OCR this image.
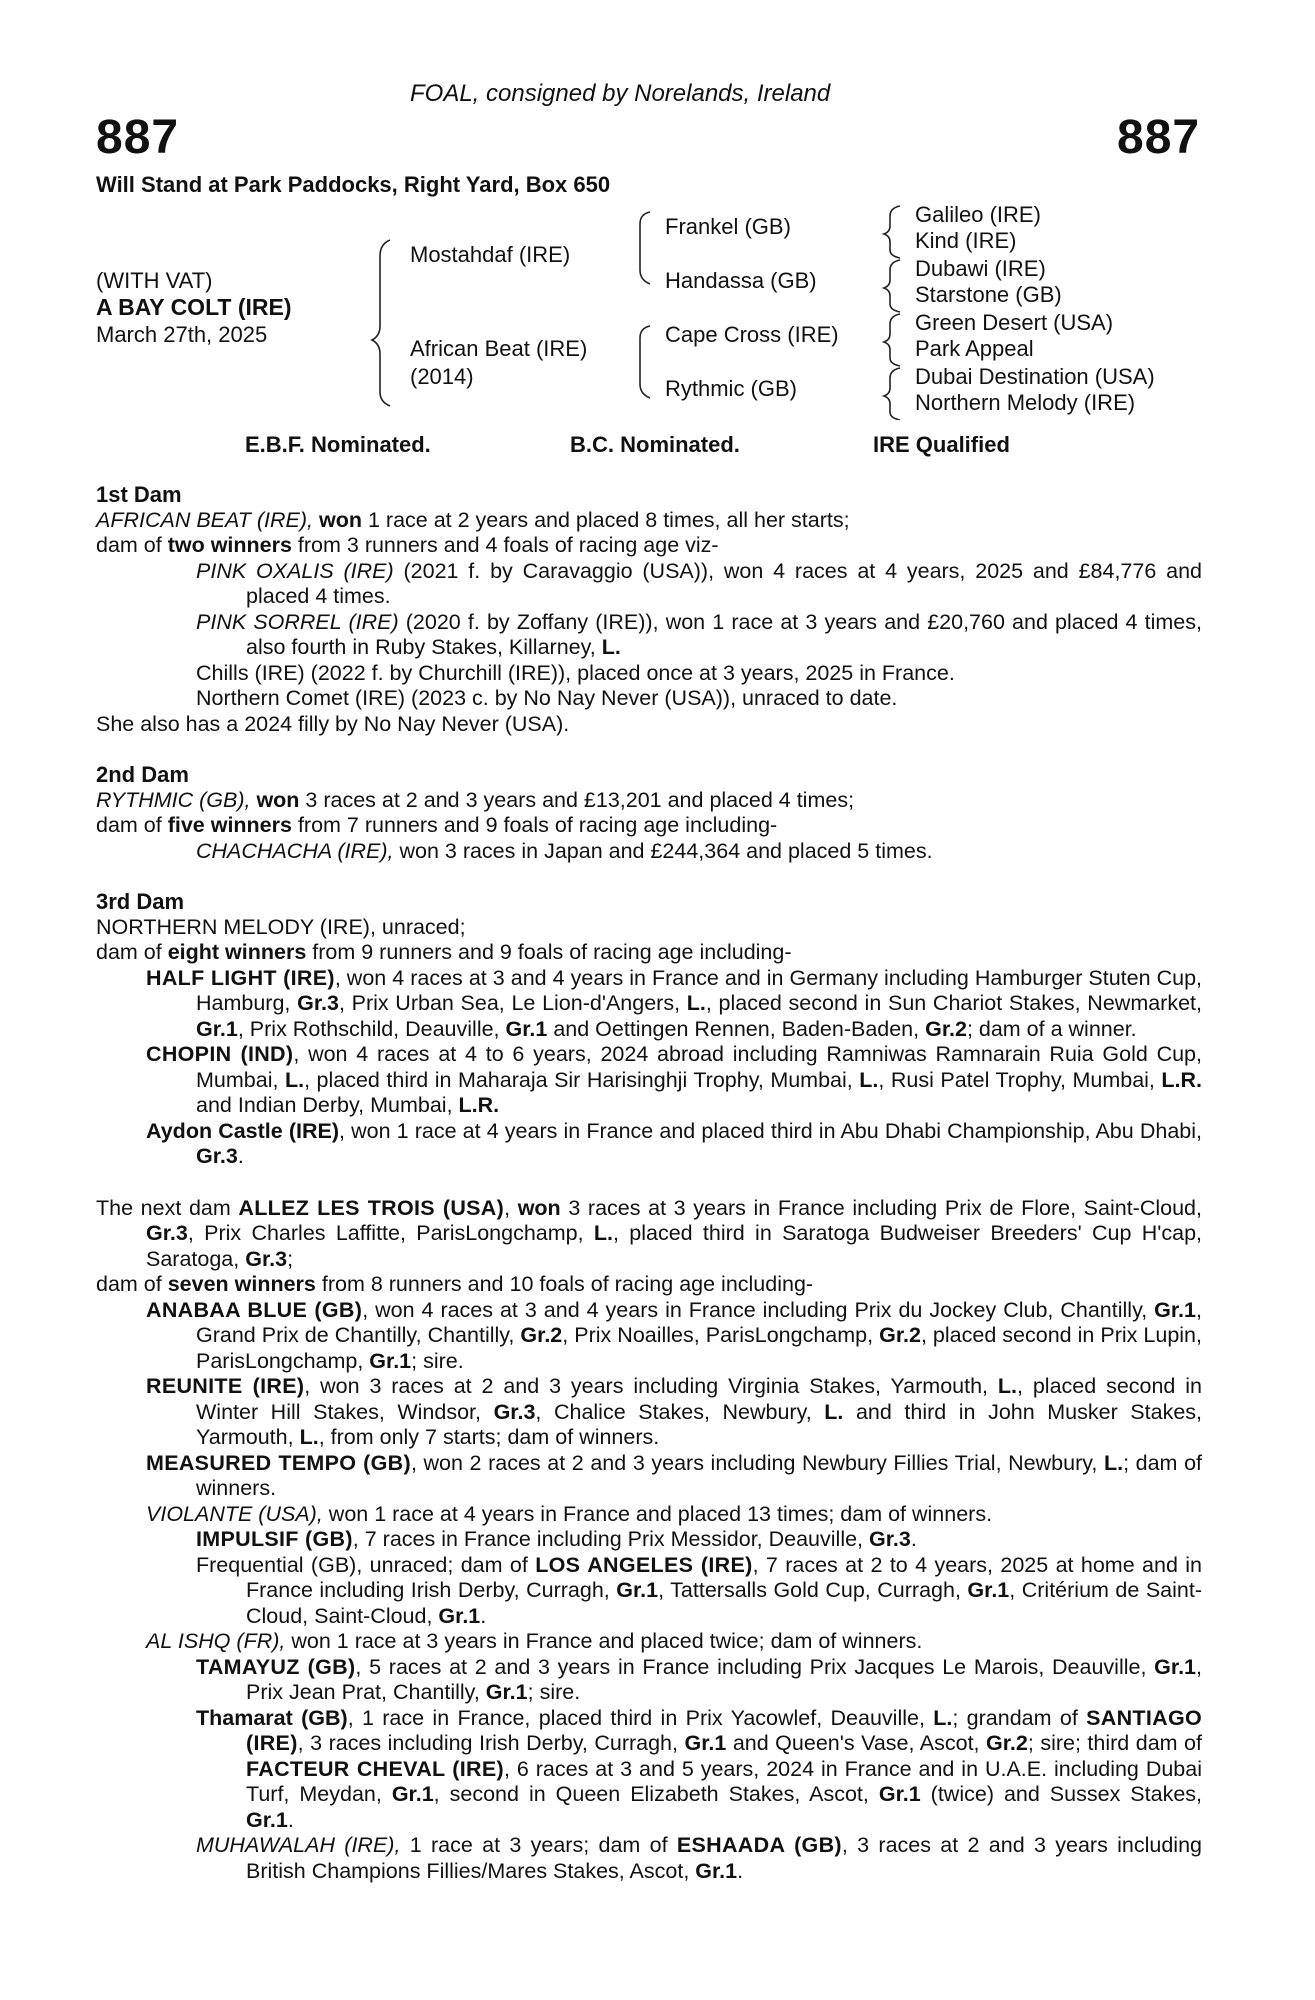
FOAL, consigned by Norelands, Ireland
887	887
Will Stand at Park Paddocks, Right Yard, Box 650
(WITH VAT)
A BAY COLT (IRE)
March 27th, 2025
Mostahdaf (IRE)
African Beat (IRE)
(2014)
Frankel (GB)
Handassa (GB)
Cape Cross (IRE)
Rythmic (GB)
Galileo (IRE)
Kind (IRE)
Dubawi (IRE)
Starstone (GB)
Green Desert (USA)
Park Appeal
Dubai Destination (USA)
Northern Melody (IRE)
E.B.F. Nominated.	B.C. Nominated.	IRE Qualified

1st Dam

AFRICAN BEAT (IRE), won 1 race at 2 years and placed 8 times, all her starts;

dam of two winners from 3 runners and 4 foals of racing age viz-

PINK OXALIS (IRE) (2021 f. by Caravaggio (USA)), won 4 races at 4 years, 2025 and £84,776 and placed 4 times.

PINK SORREL (IRE) (2020 f. by Zoffany (IRE)), won 1 race at 3 years and £20,760 and placed 4 times, also fourth in Ruby Stakes, Killarney, L.

Chills (IRE) (2022 f. by Churchill (IRE)), placed once at 3 years, 2025 in France.

Northern Comet (IRE) (2023 c. by No Nay Never (USA)), unraced to date.

She also has a 2024 filly by No Nay Never (USA).

2nd Dam

RYTHMIC (GB), won 3 races at 2 and 3 years and £13,201 and placed 4 times;

dam of five winners from 7 runners and 9 foals of racing age including-

CHACHACHA (IRE), won 3 races in Japan and £244,364 and placed 5 times.

3rd Dam

NORTHERN MELODY (IRE), unraced;

dam of eight winners from 9 runners and 9 foals of racing age including-

HALF LIGHT (IRE), won 4 races at 3 and 4 years in France and in Germany including Hamburger Stuten Cup, Hamburg, Gr.3, Prix Urban Sea, Le Lion-d'Angers, L., placed second in Sun Chariot Stakes, Newmarket, Gr.1, Prix Rothschild, Deauville, Gr.1 and Oettingen Rennen, Baden-Baden, Gr.2; dam of a winner.

CHOPIN (IND), won 4 races at 4 to 6 years, 2024 abroad including Ramniwas Ramnarain Ruia Gold Cup, Mumbai, L., placed third in Maharaja Sir Harisinghji Trophy, Mumbai, L., Rusi Patel Trophy, Mumbai, L.R. and Indian Derby, Mumbai, L.R.

Aydon Castle (IRE), won 1 race at 4 years in France and placed third in Abu Dhabi Championship, Abu Dhabi, Gr.3.

The next dam ALLEZ LES TROIS (USA), won 3 races at 3 years in France including Prix de Flore, Saint-Cloud, Gr.3, Prix Charles Laffitte, ParisLongchamp, L., placed third in Saratoga Budweiser Breeders' Cup H'cap, Saratoga, Gr.3;

dam of seven winners from 8 runners and 10 foals of racing age including-

ANABAA BLUE (GB), won 4 races at 3 and 4 years in France including Prix du Jockey Club, Chantilly, Gr.1, Grand Prix de Chantilly, Chantilly, Gr.2, Prix Noailles, ParisLongchamp, Gr.2, placed second in Prix Lupin, ParisLongchamp, Gr.1; sire.

REUNITE (IRE), won 3 races at 2 and 3 years including Virginia Stakes, Yarmouth, L., placed second in Winter Hill Stakes, Windsor, Gr.3, Chalice Stakes, Newbury, L. and third in John Musker Stakes, Yarmouth, L., from only 7 starts; dam of winners.

MEASURED TEMPO (GB), won 2 races at 2 and 3 years including Newbury Fillies Trial, Newbury, L.; dam of winners.

VIOLANTE (USA), won 1 race at 4 years in France and placed 13 times; dam of winners.

IMPULSIF (GB), 7 races in France including Prix Messidor, Deauville, Gr.3.

Frequential (GB), unraced; dam of LOS ANGELES (IRE), 7 races at 2 to 4 years, 2025 at home and in France including Irish Derby, Curragh, Gr.1, Tattersalls Gold Cup, Curragh, Gr.1, Critérium de Saint-Cloud, Saint-Cloud, Gr.1.

AL ISHQ (FR), won 1 race at 3 years in France and placed twice; dam of winners.

TAMAYUZ (GB), 5 races at 2 and 3 years in France including Prix Jacques Le Marois, Deauville, Gr.1, Prix Jean Prat, Chantilly, Gr.1; sire.

Thamarat (GB), 1 race in France, placed third in Prix Yacowlef, Deauville, L.; grandam of SANTIAGO (IRE), 3 races including Irish Derby, Curragh, Gr.1 and Queen's Vase, Ascot, Gr.2; sire; third dam of FACTEUR CHEVAL (IRE), 6 races at 3 and 5 years, 2024 in France and in U.A.E. including Dubai Turf, Meydan, Gr.1, second in Queen Elizabeth Stakes, Ascot, Gr.1 (twice) and Sussex Stakes, Gr.1.

MUHAWALAH (IRE), 1 race at 3 years; dam of ESHAADA (GB), 3 races at 2 and 3 years including British Champions Fillies/Mares Stakes, Ascot, Gr.1.
